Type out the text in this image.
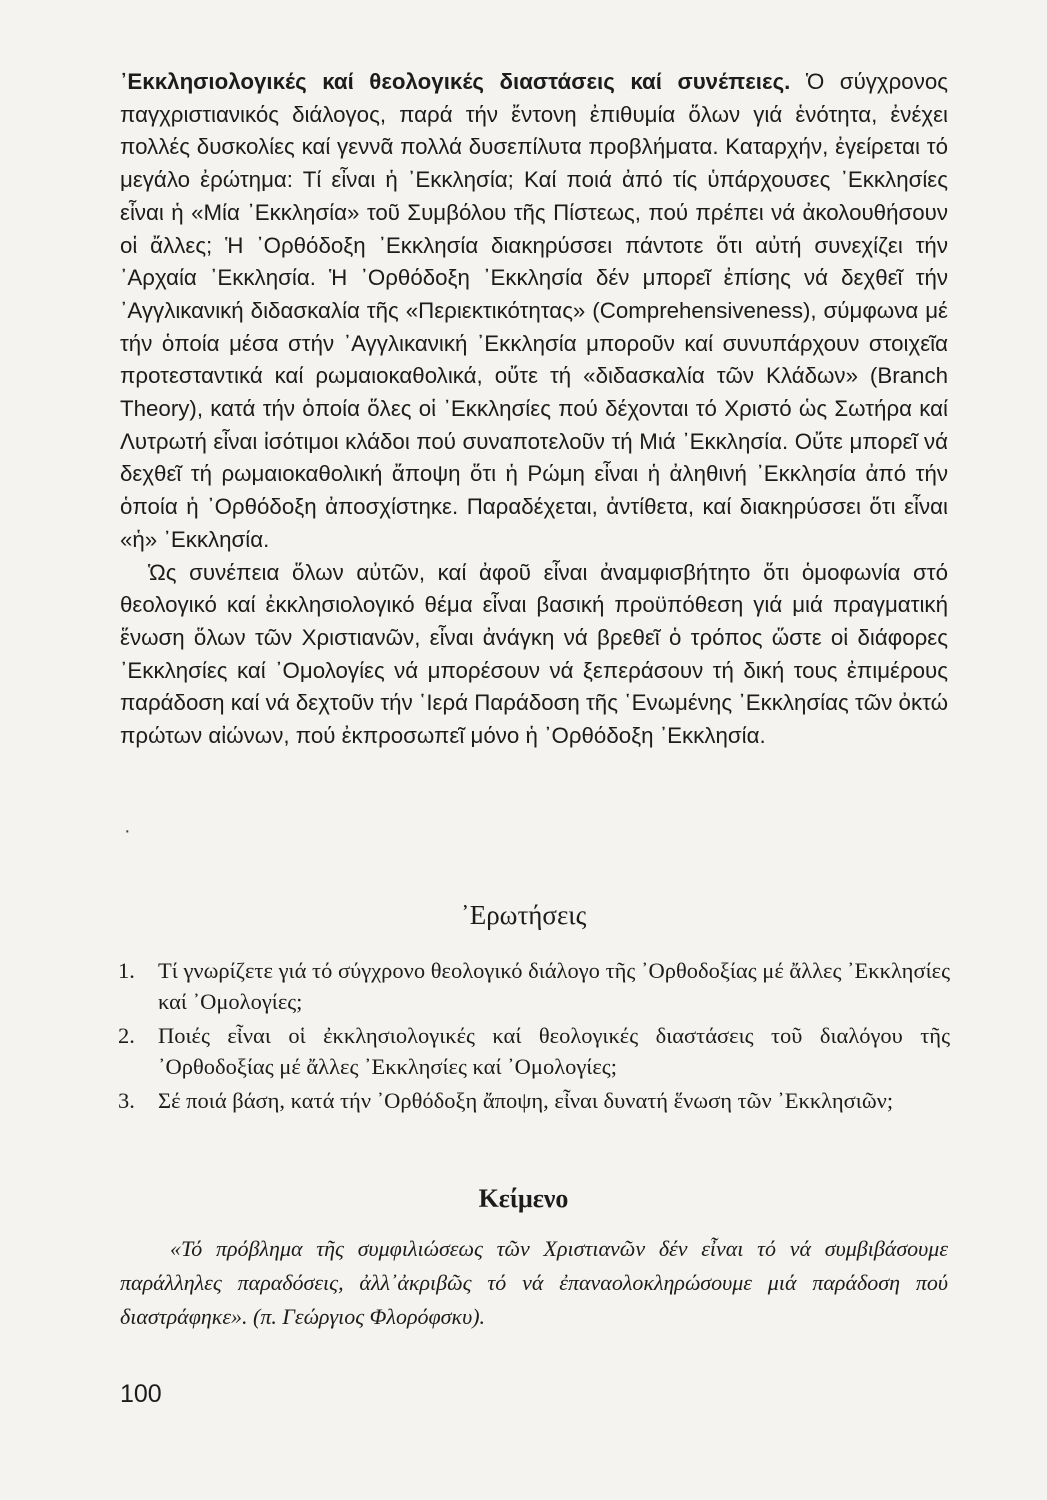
᾿Εκκλησιολογικές καί θεολογικές διαστάσεις καί συνέπειες. Ὁ σύγχρονος παγχριστιανικός διάλογος, παρά τήν ἔντονη ἐπιθυμία ὅλων γιά ἑνότητα, ἐνέχει πολλές δυσκολίες καί γεννᾶ πολλά δυσεπίλυτα προβλήματα. Καταρχήν, ἐγείρεται τό μεγάλο ἐρώτημα: Τί εἶναι ἡ ᾿Εκκλησία; Καί ποιά ἀπό τίς ὑπάρχουσες ᾿Εκκλησίες εἶναι ἡ «Μία ᾿Εκκλησία» τοῦ Συμβόλου τῆς Πίστεως, πού πρέπει νά ἀκολουθήσουν οἱ ἄλλες; Ἡ ᾿Ορθόδοξη ᾿Εκκλησία διακηρύσσει πάντοτε ὅτι αὐτή συνεχίζει τήν ᾿Αρχαία ᾿Εκκλησία. Ἡ ᾿Ορθόδοξη ᾿Εκκλησία δέν μπορεῖ ἐπίσης νά δεχθεῖ τήν ᾿Αγγλικανική διδασκαλία τῆς «Περιεκτικότητας» (Comprehensiveness), σύμφωνα μέ τήν ὁποία μέσα στήν ᾿Αγγλικανική ᾿Εκκλησία μποροῦν καί συνυπάρχουν στοιχεῖα προτεσταντικά καί ρωμαιοκαθολικά, οὔτε τή «διδασκαλία τῶν Κλάδων» (Branch Theory), κατά τήν ὁποία ὅλες οἱ ᾿Εκκλησίες πού δέχονται τό Χριστό ὡς Σωτήρα καί Λυτρωτή εἶναι ἰσότιμοι κλάδοι πού συναποτελοῦν τή Μιά ᾿Εκκλησία. Οὔτε μπορεῖ νά δεχθεῖ τή ρωμαιοκαθολική ἄποψη ὅτι ἡ Ρώμη εἶναι ἡ ἀληθινή ᾿Εκκλησία ἀπό τήν ὁποία ἡ ᾿Ορθόδοξη ἀποσχίστηκε. Παραδέχεται, ἀντίθετα, καί διακηρύσσει ὅτι εἶναι «ἡ» ᾿Εκκλησία.

Ὡς συνέπεια ὅλων αὐτῶν, καί ἀφοῦ εἶναι ἀναμφισβήτητο ὅτι ὁμοφωνία στό θεολογικό καί ἐκκλησιολογικό θέμα εἶναι βασική προϋπόθεση γιά μιά πραγματική ἕνωση ὅλων τῶν Χριστιανῶν, εἶναι ἀνάγκη νά βρεθεῖ ὁ τρόπος ὥστε οἱ διάφορες ᾿Εκκλησίες καί ᾿Ομολογίες νά μπορέσουν νά ξεπεράσουν τή δική τους ἐπιμέρους παράδοση καί νά δεχτοῦν τήν ῾Ιερά Παράδοση τῆς ῾Ενωμένης ᾿Εκκλησίας τῶν ὀκτώ πρώτων αἰώνων, πού ἐκπροσωπεῖ μόνο ἡ ᾿Ορθόδοξη ᾿Εκκλησία.

·
᾿Ερωτήσεις
1.	Τί γνωρίζετε γιά τό σύγχρονο θεολογικό διάλογο τῆς ᾿Ορθοδοξίας μέ ἄλλες ᾿Εκκλησίες καί ᾿Ομολογίες;
2.	Ποιές εἶναι οἱ ἐκκλησιολογικές καί θεολογικές διαστάσεις τοῦ διαλόγου τῆς ᾿Ορθοδοξίας μέ ἄλλες ᾿Εκκλησίες καί ᾿Ομολογίες;
3.	Σέ ποιά βάση, κατά τήν ᾿Ορθόδοξη ἄποψη, εἶναι δυνατή ἕνωση τῶν ᾿Εκκλησιῶν;
Κείμενο

«Τό πρόβλημα τῆς συμφιλιώσεως τῶν Χριστιανῶν δέν εἶναι τό νά συμβιβάσουμε παράλληλες παραδόσεις, ἀλλ᾿ἀκριβῶς τό νά ἐπαναολοκληρώσουμε μιά παράδοση πού διαστράφηκε». (π. Γεώργιος Φλορόφσκυ).

100
